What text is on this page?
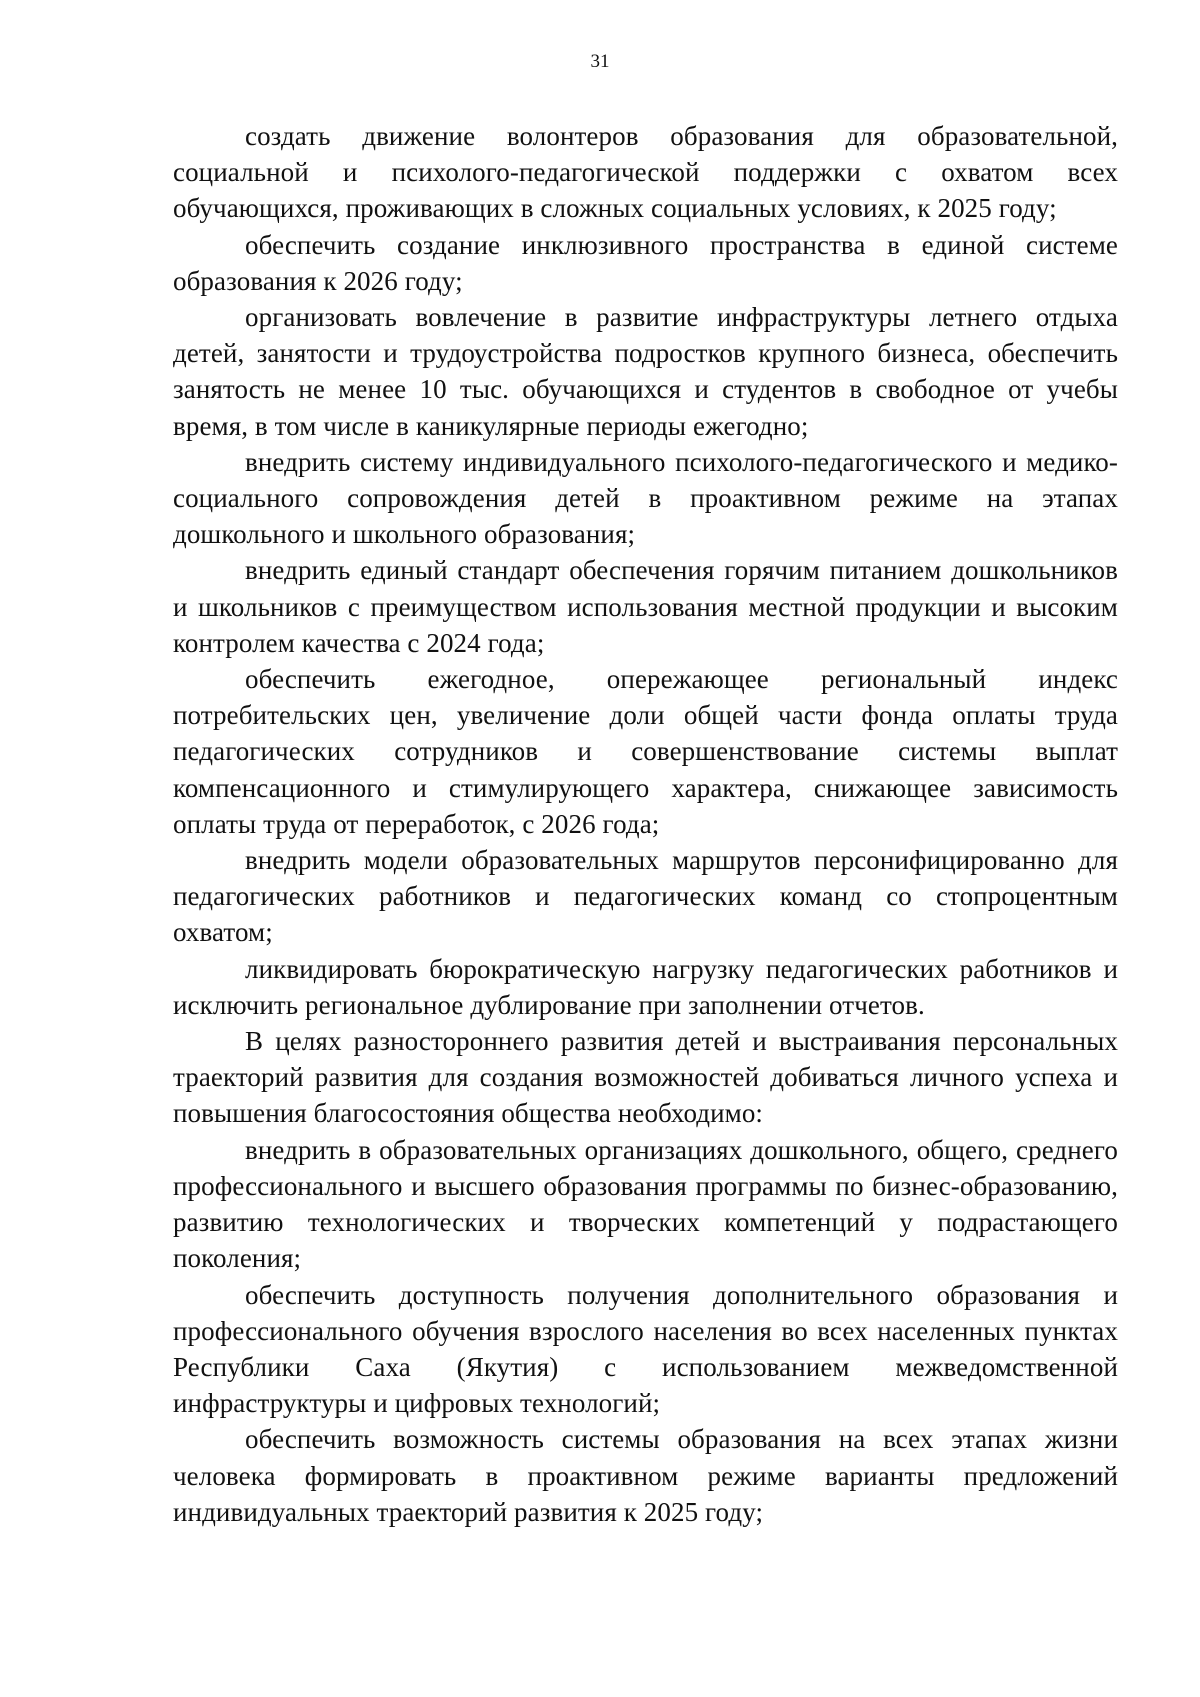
31

создать движение волонтеров образования для образовательной, социальной и психолого-педагогической поддержки с охватом всех обучающихся, проживающих в сложных социальных условиях, к 2025 году;

обеспечить создание инклюзивного пространства в единой системе образования к 2026 году;

организовать вовлечение в развитие инфраструктуры летнего отдыха детей, занятости и трудоустройства подростков крупного бизнеса, обеспечить занятость не менее 10 тыс. обучающихся и студентов в свободное от учебы время, в том числе в каникулярные периоды ежегодно;

внедрить систему индивидуального психолого-педагогического и медико-социального сопровождения детей в проактивном режиме на этапах дошкольного и школьного образования;

внедрить единый стандарт обеспечения горячим питанием дошкольников и школьников с преимуществом использования местной продукции и высоким контролем качества с 2024 года;

обеспечить ежегодное, опережающее региональный индекс потребительских цен, увеличение доли общей части фонда оплаты труда педагогических сотрудников и совершенствование системы выплат компенсационного и стимулирующего характера, снижающее зависимость оплаты труда от переработок, с 2026 года;

внедрить модели образовательных маршрутов персонифицированно для педагогических работников и педагогических команд со стопроцентным охватом;

ликвидировать бюрократическую нагрузку педагогических работников и исключить региональное дублирование при заполнении отчетов.

В целях разностороннего развития детей и выстраивания персональных траекторий развития для создания возможностей добиваться личного успеха и повышения благосостояния общества необходимо:

внедрить в образовательных организациях дошкольного, общего, среднего профессионального и высшего образования программы по бизнес-образованию, развитию технологических и творческих компетенций у подрастающего поколения;

обеспечить доступность получения дополнительного образования и профессионального обучения взрослого населения во всех населенных пунктах Республики Саха (Якутия) с использованием межведомственной инфраструктуры и цифровых технологий;

обеспечить возможность системы образования на всех этапах жизни человека формировать в проактивном режиме варианты предложений индивидуальных траекторий развития к 2025 году;
